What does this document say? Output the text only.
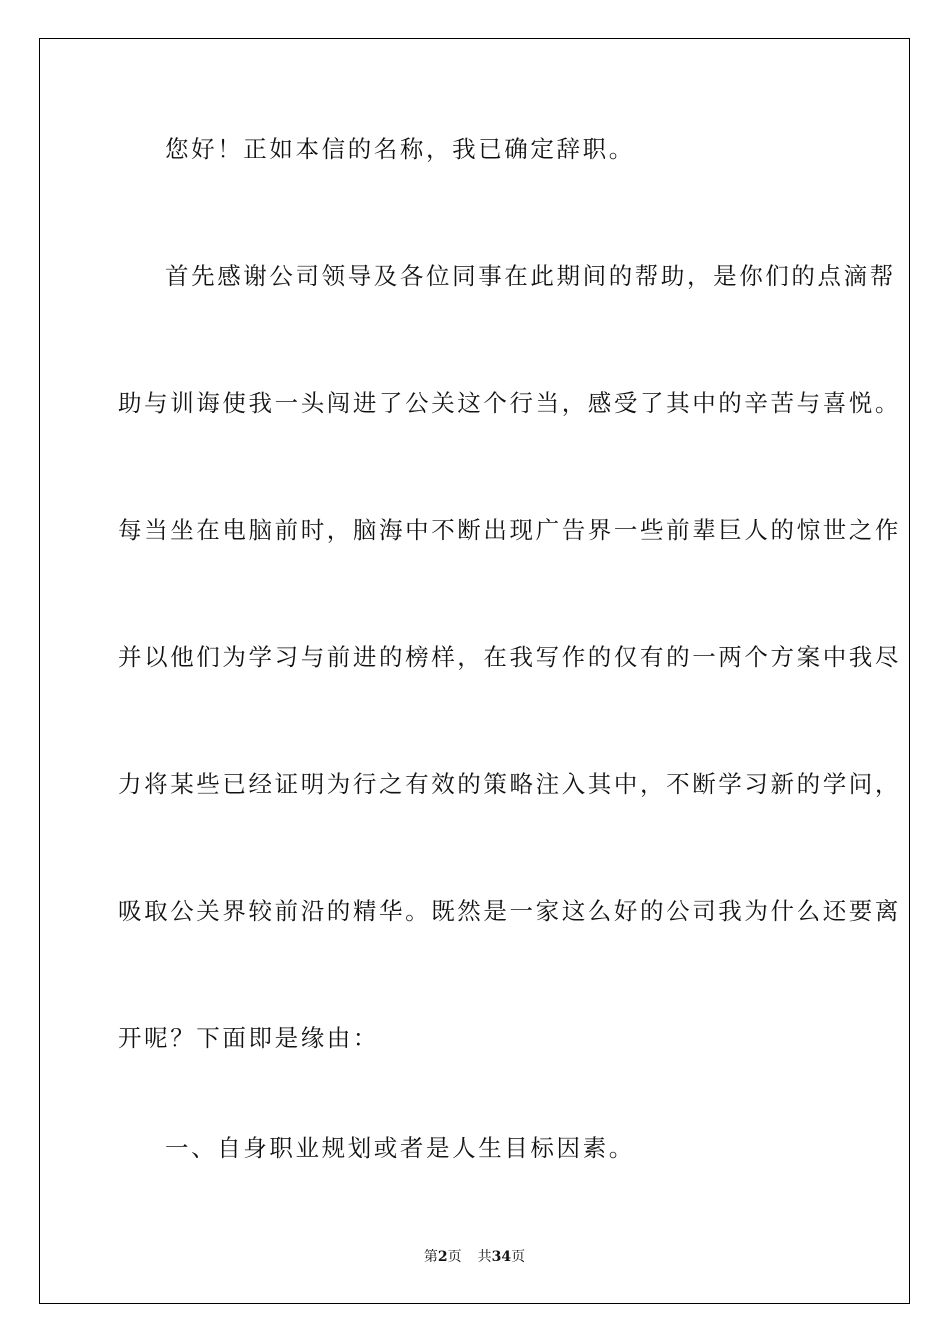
您好！正如本信的名称，我已确定辞职。
首先感谢公司领导及各位同事在此期间的帮助，是你们的点滴帮
助与训诲使我一头闯进了公关这个行当，感受了其中的辛苦与喜悦。
每当坐在电脑前时，脑海中不断出现广告界一些前辈巨人的惊世之作
并以他们为学习与前进的榜样，在我写作的仅有的一两个方案中我尽
力将某些已经证明为行之有效的策略注入其中，不断学习新的学问，
吸取公关界较前沿的精华。既然是一家这么好的公司我为什么还要离
开呢？下面即是缘由：
一、自身职业规划或者是人生目标因素。
第2页 共34页
